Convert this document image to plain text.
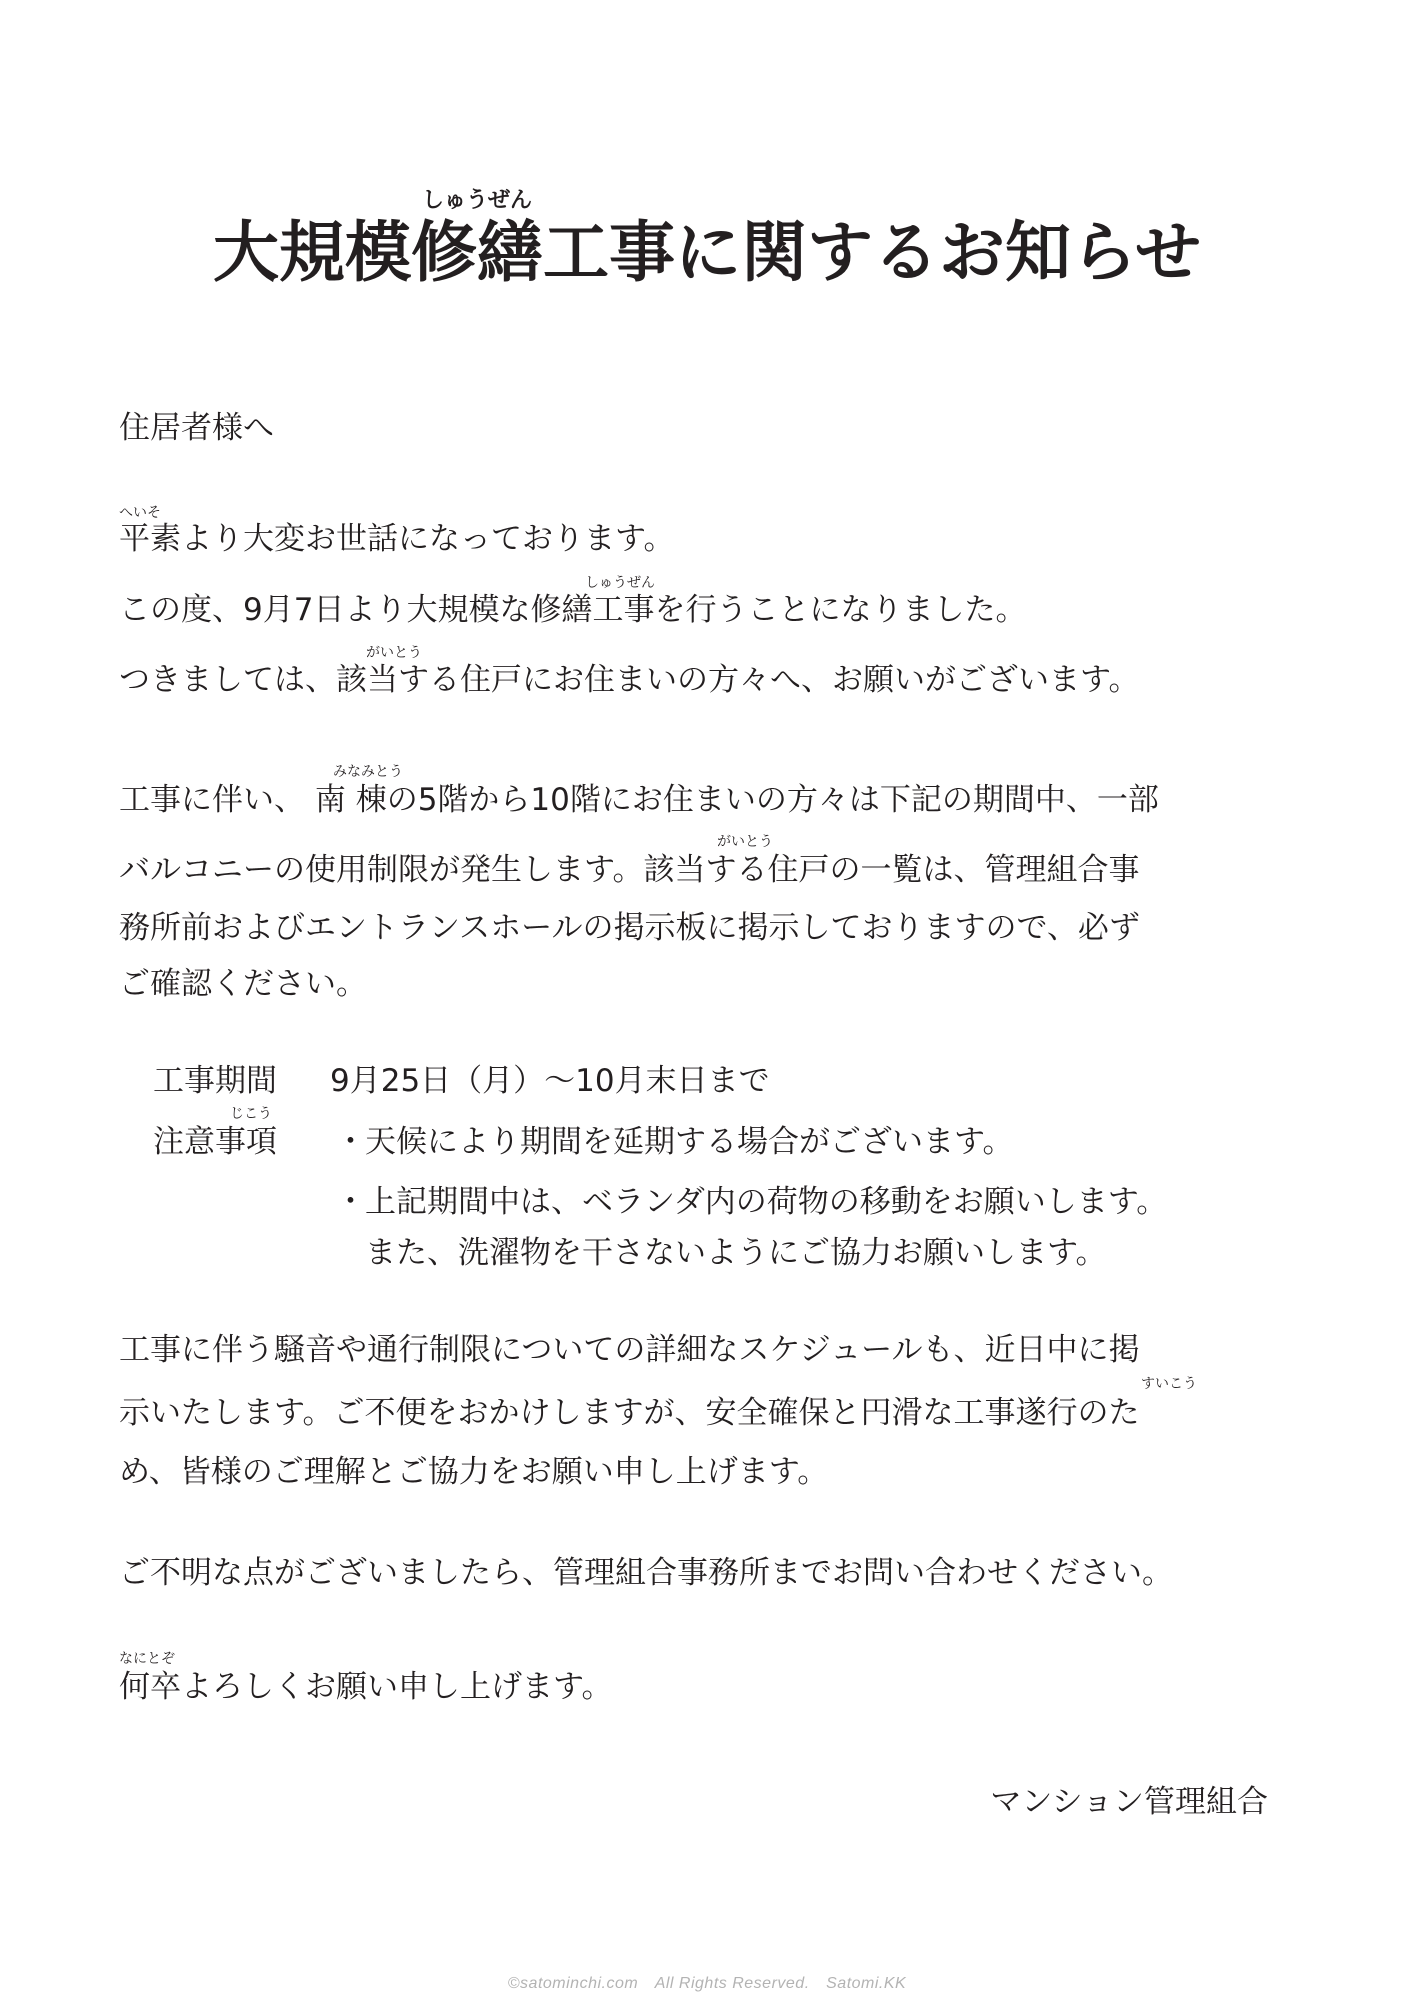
しゅうぜん
大規模修繕工事に関するお知らせ
住居者様へ
へいそ
平素より大変お世話になっております。
しゅうぜん
この度、9月7日より大規模な修繕工事を行うことになりました。
がいとう
つきましては、該当する住戸にお住まいの方々へ、お願いがございます。
みなみとう
工事に伴い、 南 棟の5階から10階にお住まいの方々は下記の期間中、一部
がいとう
バルコニーの使用制限が発生します。該当する住戸の一覧は、管理組合事
務所前およびエントランスホールの掲示板に掲示しておりますので、必ず
ご確認ください。
工事期間 9月25日（月）～10月末日まで
じこう
注意事項 ・天候により期間を延期する場合がございます。
・上記期間中は、ベランダ内の荷物の移動をお願いします。
また、洗濯物を干さないようにご協力お願いします。
工事に伴う騒音や通行制限についての詳細なスケジュールも、近日中に掲
すいこう
示いたします。ご不便をおかけしますが、安全確保と円滑な工事遂行のた
め、皆様のご理解とご協力をお願い申し上げます。
ご不明な点がございましたら、管理組合事務所までお問い合わせください。
なにとぞ
何卒よろしくお願い申し上げます。
マンション管理組合
©satominchi.com　All Rights Reserved.　Satomi.KK
